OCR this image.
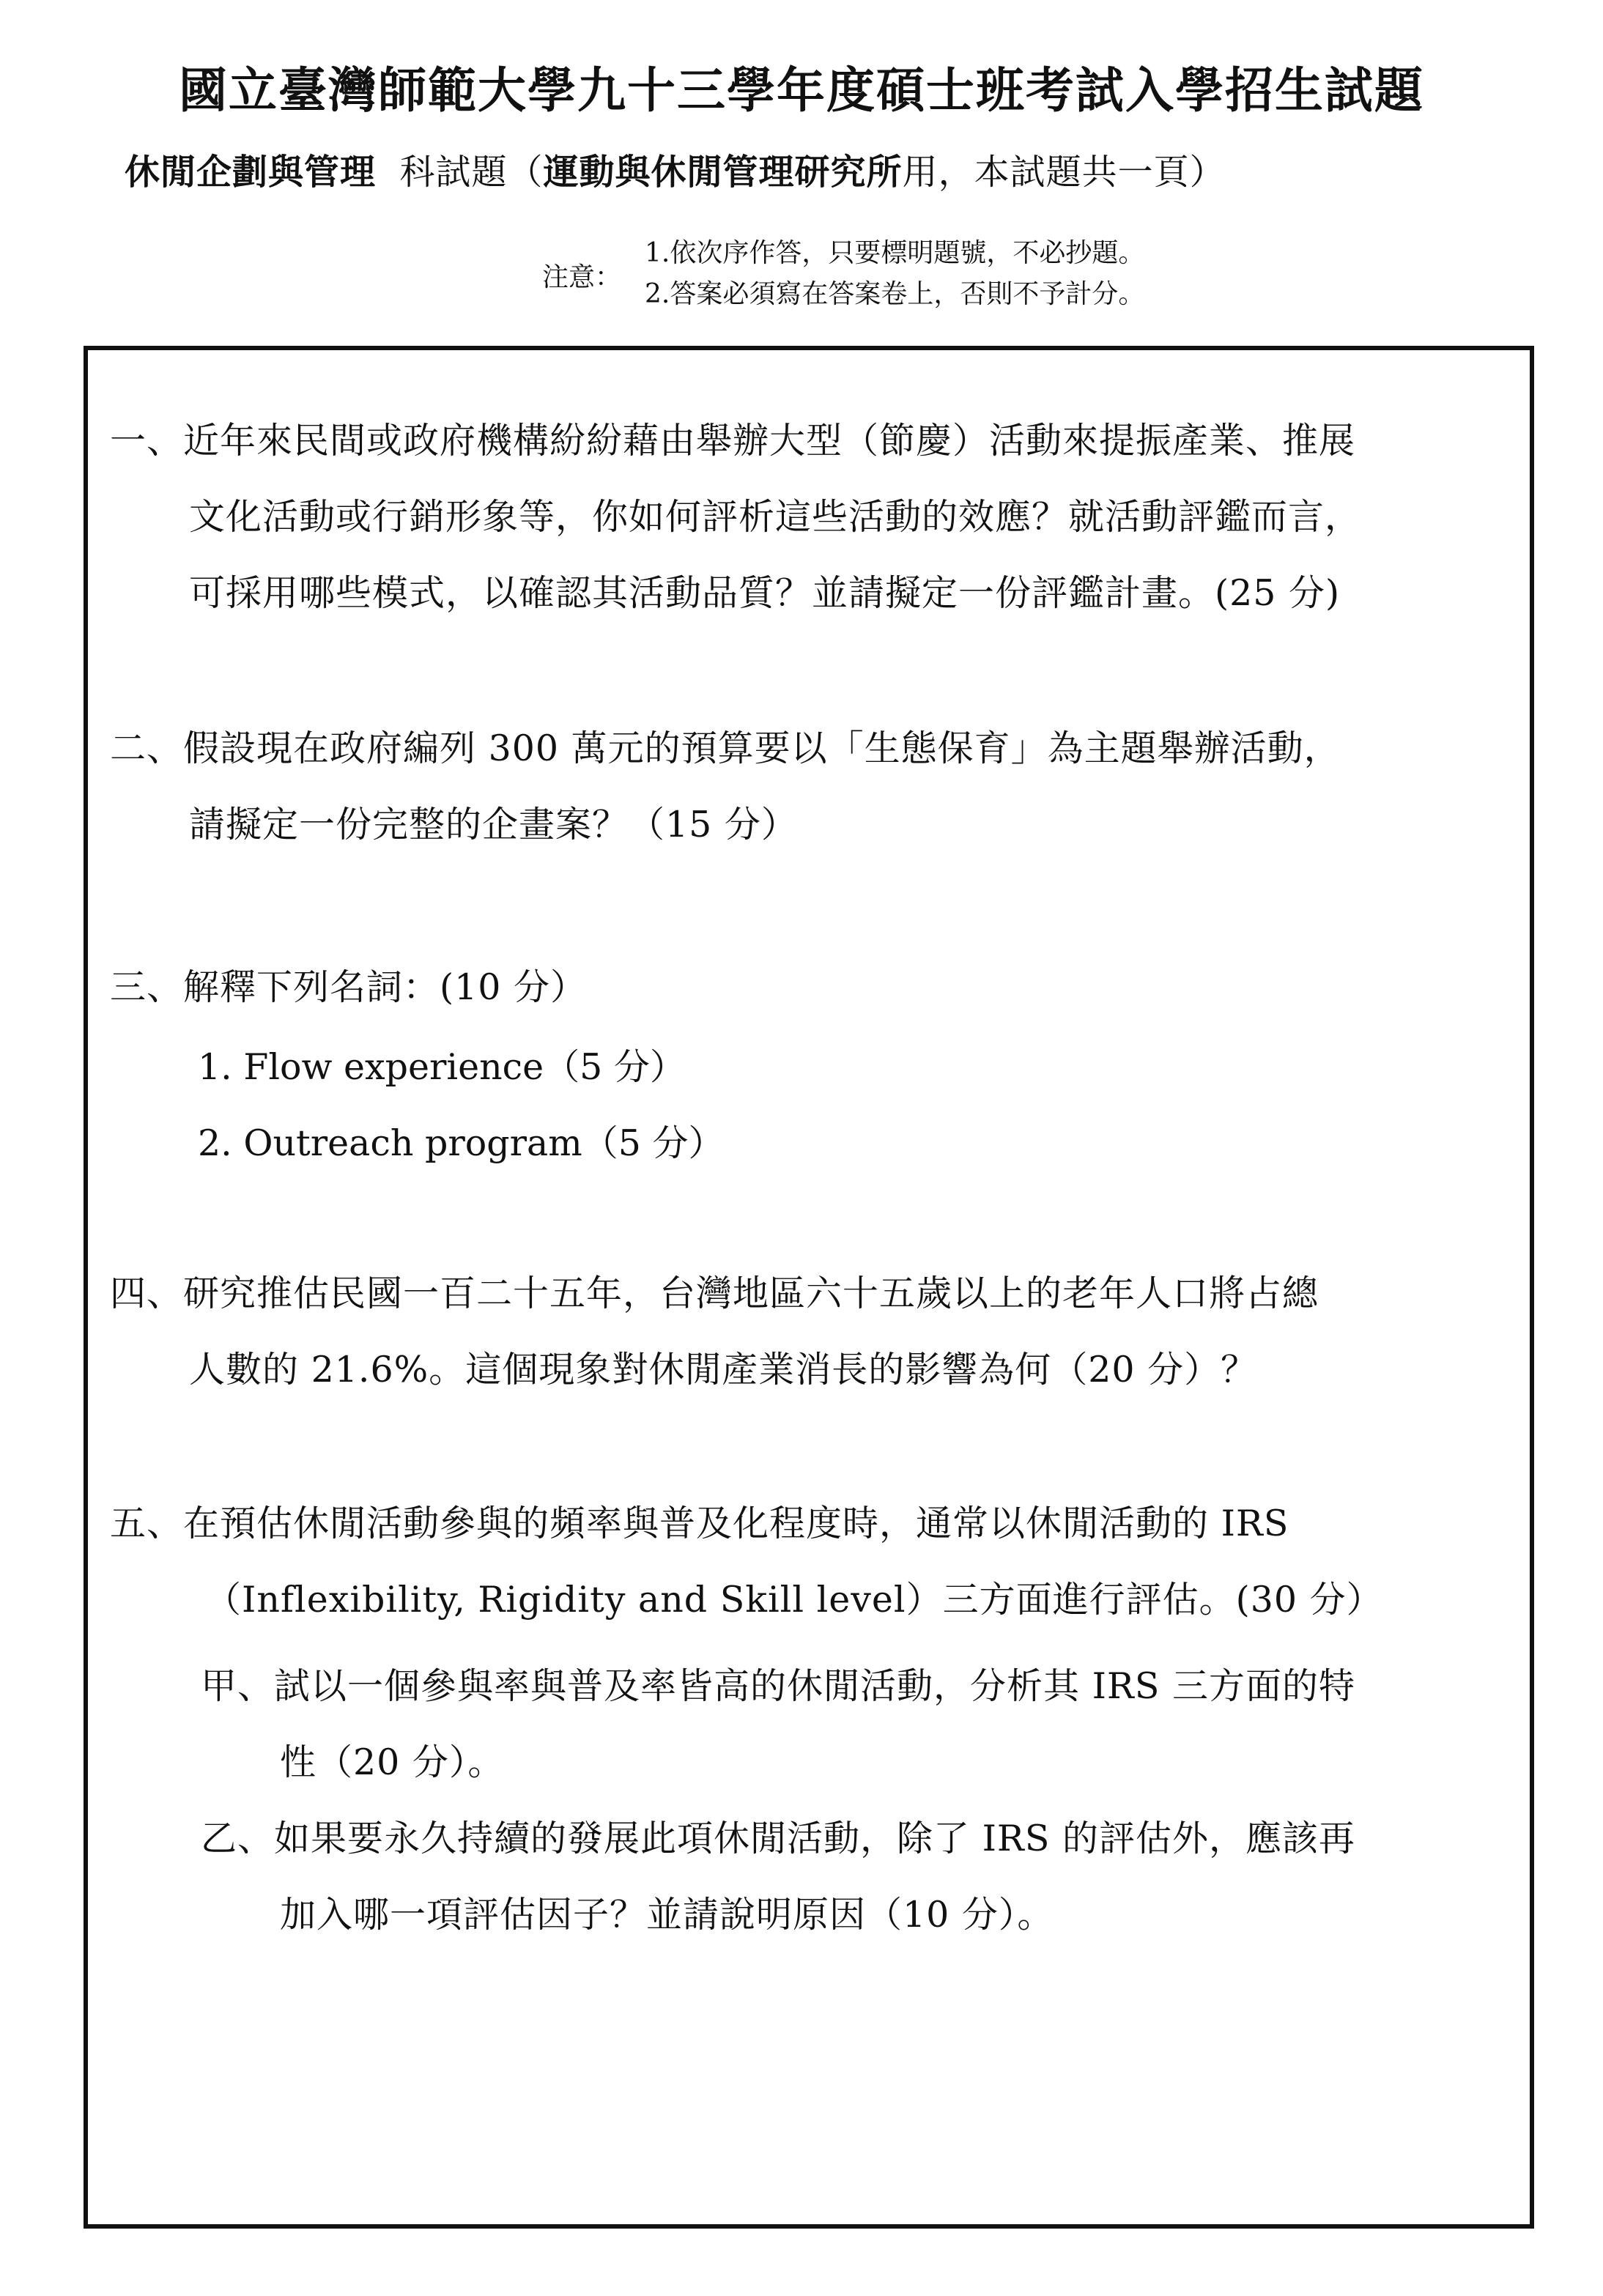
國立臺灣師範大學九十三學年度碩士班考試入學招生試題
休閒企劃與管理 科試題（運動與休閒管理研究所用，本試題共一頁）
注意：
1.依次序作答，只要標明題號，不必抄題。
2.答案必須寫在答案卷上，否則不予計分。
一、近年來民間或政府機構紛紛藉由舉辦大型（節慶）活動來提振產業、推展
文化活動或行銷形象等，你如何評析這些活動的效應？就活動評鑑而言，
可採用哪些模式，以確認其活動品質？並請擬定一份評鑑計畫。(25 分)
二、假設現在政府編列 300 萬元的預算要以「生態保育」為主題舉辦活動，
請擬定一份完整的企畫案？（15 分）
三、解釋下列名詞：(10 分）
1. Flow experience（5 分）
2. Outreach program（5 分）
四、研究推估民國一百二十五年，台灣地區六十五歲以上的老年人口將占總
人數的 21.6%。這個現象對休閒產業消長的影響為何（20 分）？
五、在預估休閒活動參與的頻率與普及化程度時，通常以休閒活動的 IRS
（Inflexibility, Rigidity and Skill level）三方面進行評估。(30 分）
甲、試以一個參與率與普及率皆高的休閒活動，分析其 IRS 三方面的特
性（20 分）。
乙、如果要永久持續的發展此項休閒活動，除了 IRS 的評估外，應該再
加入哪一項評估因子？並請說明原因（10 分）。
